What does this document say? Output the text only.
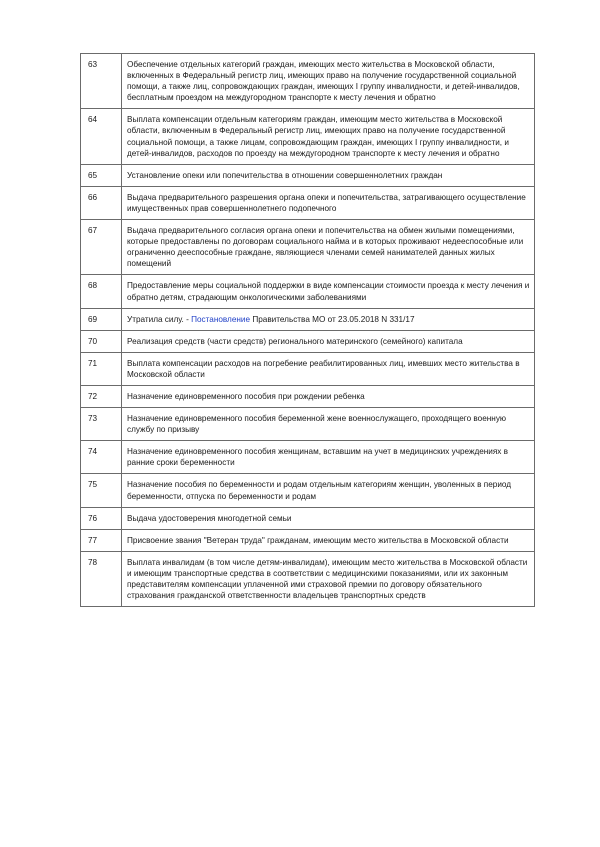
63	Обеспечение отдельных категорий граждан, имеющих место жительства в Московской области, включенных в Федеральный регистр лиц, имеющих право на получение государственной социальной помощи, а также лиц, сопровождающих граждан, имеющих I группу инвалидности, и детей-инвалидов, бесплатным проездом на междугородном транспорте к месту лечения и обратно
64	Выплата компенсации отдельным категориям граждан, имеющим место жительства в Московской области, включенным в Федеральный регистр лиц, имеющих право на получение государственной социальной помощи, а также лицам, сопровождающим граждан, имеющих I группу инвалидности, и детей-инвалидов, расходов по проезду на междугородном транспорте к месту лечения и обратно
65	Установление опеки или попечительства в отношении совершеннолетних граждан
66	Выдача предварительного разрешения органа опеки и попечительства, затрагивающего осуществление имущественных прав совершеннолетнего подопечного
67	Выдача предварительного согласия органа опеки и попечительства на обмен жилыми помещениями, которые предоставлены по договорам социального найма и в которых проживают недееспособные или ограниченно дееспособные граждане, являющиеся членами семей нанимателей данных жилых помещений
68	Предоставление меры социальной поддержки в виде компенсации стоимости проезда к месту лечения и обратно детям, страдающим онкологическими заболеваниями
69	Утратила силу. - Постановление Правительства МО от 23.05.2018 N 331/17
70	Реализация средств (части средств) регионального материнского (семейного) капитала
71	Выплата компенсации расходов на погребение реабилитированных лиц, имевших место жительства в Московской области
72	Назначение единовременного пособия при рождении ребенка
73	Назначение единовременного пособия беременной жене военнослужащего, проходящего военную службу по призыву
74	Назначение единовременного пособия женщинам, вставшим на учет в медицинских учреждениях в ранние сроки беременности
75	Назначение пособия по беременности и родам отдельным категориям женщин, уволенных в период беременности, отпуска по беременности и родам
76	Выдача удостоверения многодетной семьи
77	Присвоение звания "Ветеран труда" гражданам, имеющим место жительства в Московской области
78	Выплата инвалидам (в том числе детям-инвалидам), имеющим место жительства в Московской области и имеющим транспортные средства в соответствии с медицинскими показаниями, или их законным представителям компенсации уплаченной ими страховой премии по договору обязательного страхования гражданской ответственности владельцев транспортных средств
